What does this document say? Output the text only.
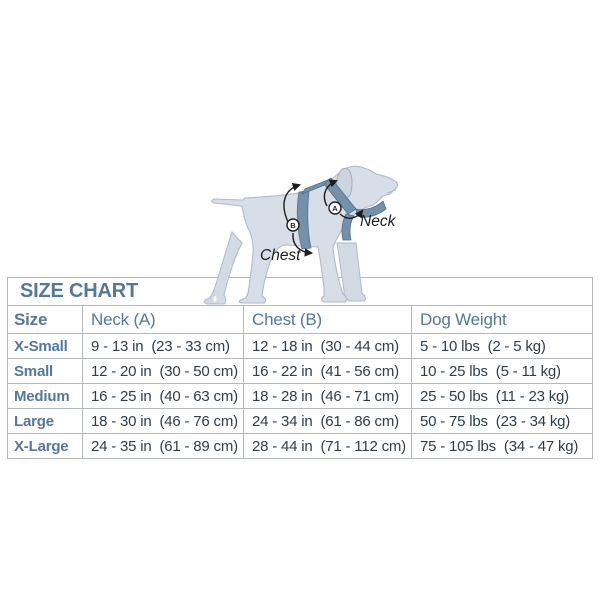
SIZE CHART			
Size	Neck (A)	Chest (B)	Dog Weight
X-Small	9 - 13 in  (23 - 33 cm)	12 - 18 in  (30 - 44 cm)	5 - 10 lbs  (2 - 5 kg)
Small	12 - 20 in  (30 - 50 cm)	16 - 22 in  (41 - 56 cm)	10 - 25 lbs  (5 - 11 kg)
Medium	16 - 25 in  (40 - 63 cm)	18 - 28 in  (46 - 71 cm)	25 - 50 lbs  (11 - 23 kg)
Large	18 - 30 in  (46 - 76 cm)	24 - 34 in  (61 - 86 cm)	50 - 75 lbs  (23 - 34 kg)
X-Large	24 - 35 in  (61 - 89 cm)	28 - 44 in  (71 - 112 cm)	75 - 105 lbs  (34 - 47 kg)
A
B	Neck
Chest
